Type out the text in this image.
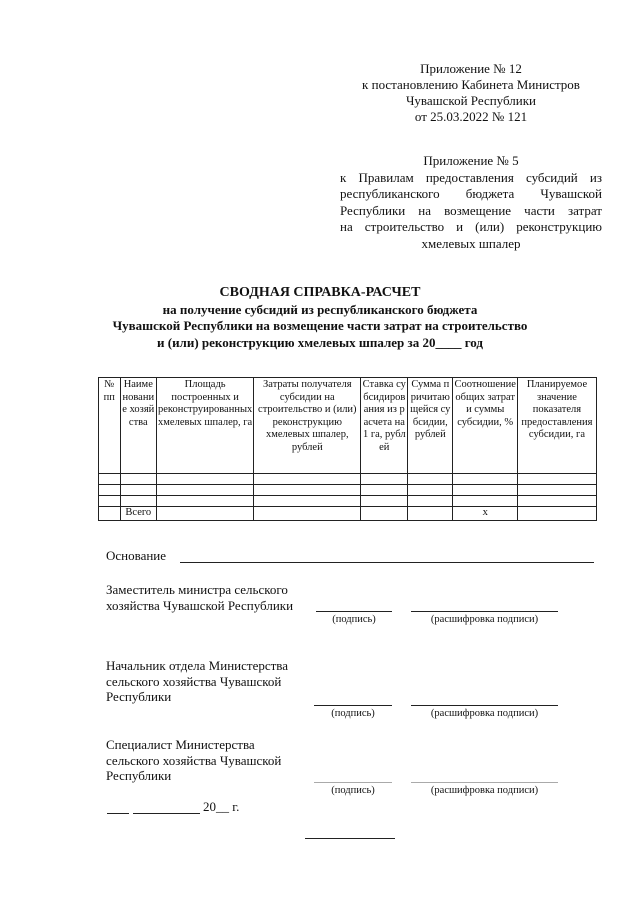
Приложение № 12
к постановлению Кабинета Министров
Чувашской Республики
от 25.03.2022 № 121
Приложение № 5
к Правилам предоставления субсидий из
республиканского бюджета Чувашской
Республики на возмещение части затрат
на строительство и (или) реконструкцию
хмелевых шпалер
СВОДНАЯ СПРАВКА-РАСЧЕТ
на получение субсидий из республиканского бюджета
Чувашской Республики на возмещение части затрат на строительство
и (или) реконструкцию хмелевых шпалер за 20____ год
№ пп	Наименование хозяйства	Площадь построенных и реконструированных хмелевых шпалер, га	Затраты получателя субсидии на строительство и (или) реконструкцию хмелевых шпалер, рублей	Ставка субсидирования из расчета на 1 га, рублей	Сумма причитающейся субсидии, рублей	Соотношение общих затрат и суммы субсидии, %	Планируемое значение показателя предоставления субсидии, га

	Всего					х	
Основание
Заместитель министра сельского
хозяйства Чувашской Республики
(подпись)	(расшифровка подписи)
Начальник отдела Министерства
сельского хозяйства Чувашской
Республики
(подпись)	(расшифровка подписи)
Специалист Министерства
сельского хозяйства Чувашской
Республики
(подпись)	(расшифровка подписи)
20__ г.
